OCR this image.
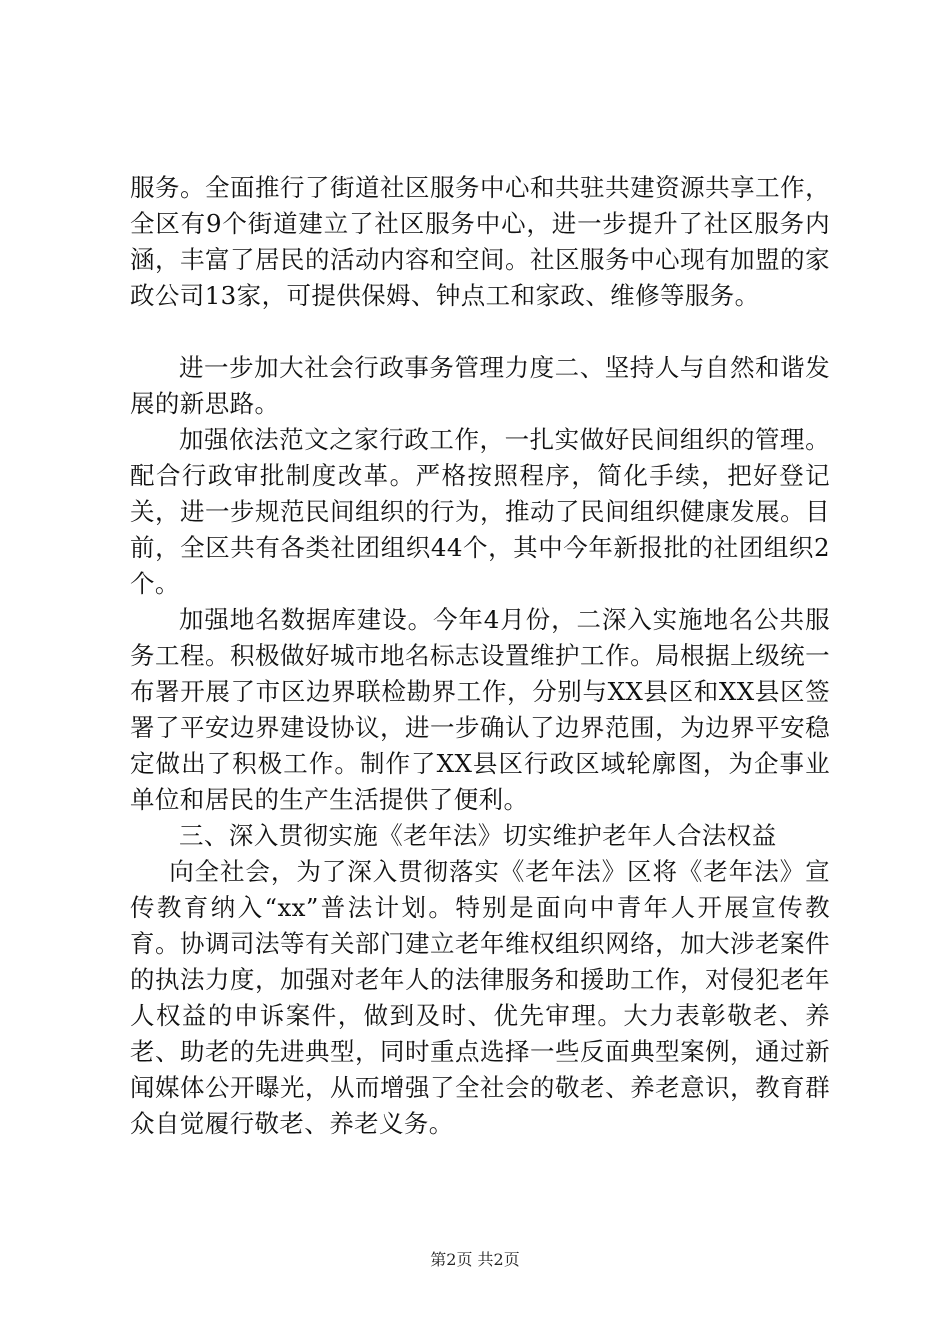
服务。全面推行了街道社区服务中心和共驻共建资源共享工作，全区有9个街道建立了社区服务中心，进一步提升了社区服务内涵，丰富了居民的活动内容和空间。社区服务中心现有加盟的家政公司13家，可提供保姆、钟点工和家政、维修等服务。

进一步加大社会行政事务管理力度二、坚持人与自然和谐发展的新思路。

加强依法范文之家行政工作，一扎实做好民间组织的管理。配合行政审批制度改革。严格按照程序，简化手续，把好登记关，进一步规范民间组织的行为，推动了民间组织健康发展。目前，全区共有各类社团组织44个，其中今年新报批的社团组织2个。

加强地名数据库建设。今年4月份，二深入实施地名公共服务工程。积极做好城市地名标志设置维护工作。局根据上级统一布署开展了市区边界联检勘界工作，分别与XX县区和XX县区签署了平安边界建设协议，进一步确认了边界范围，为边界平安稳定做出了积极工作。制作了XX县区行政区域轮廓图，为企事业单位和居民的生产生活提供了便利。

三、深入贯彻实施《老年法》切实维护老年人合法权益

向全社会，为了深入贯彻落实《老年法》区将《老年法》宣传教育纳入“xx”普法计划。特别是面向中青年人开展宣传教育。协调司法等有关部门建立老年维权组织网络，加大涉老案件的执法力度，加强对老年人的法律服务和援助工作，对侵犯老年人权益的申诉案件，做到及时、优先审理。大力表彰敬老、养老、助老的先进典型，同时重点选择一些反面典型案例，通过新闻媒体公开曝光，从而增强了全社会的敬老、养老意识，教育群众自觉履行敬老、养老义务。

第2页 共2页
